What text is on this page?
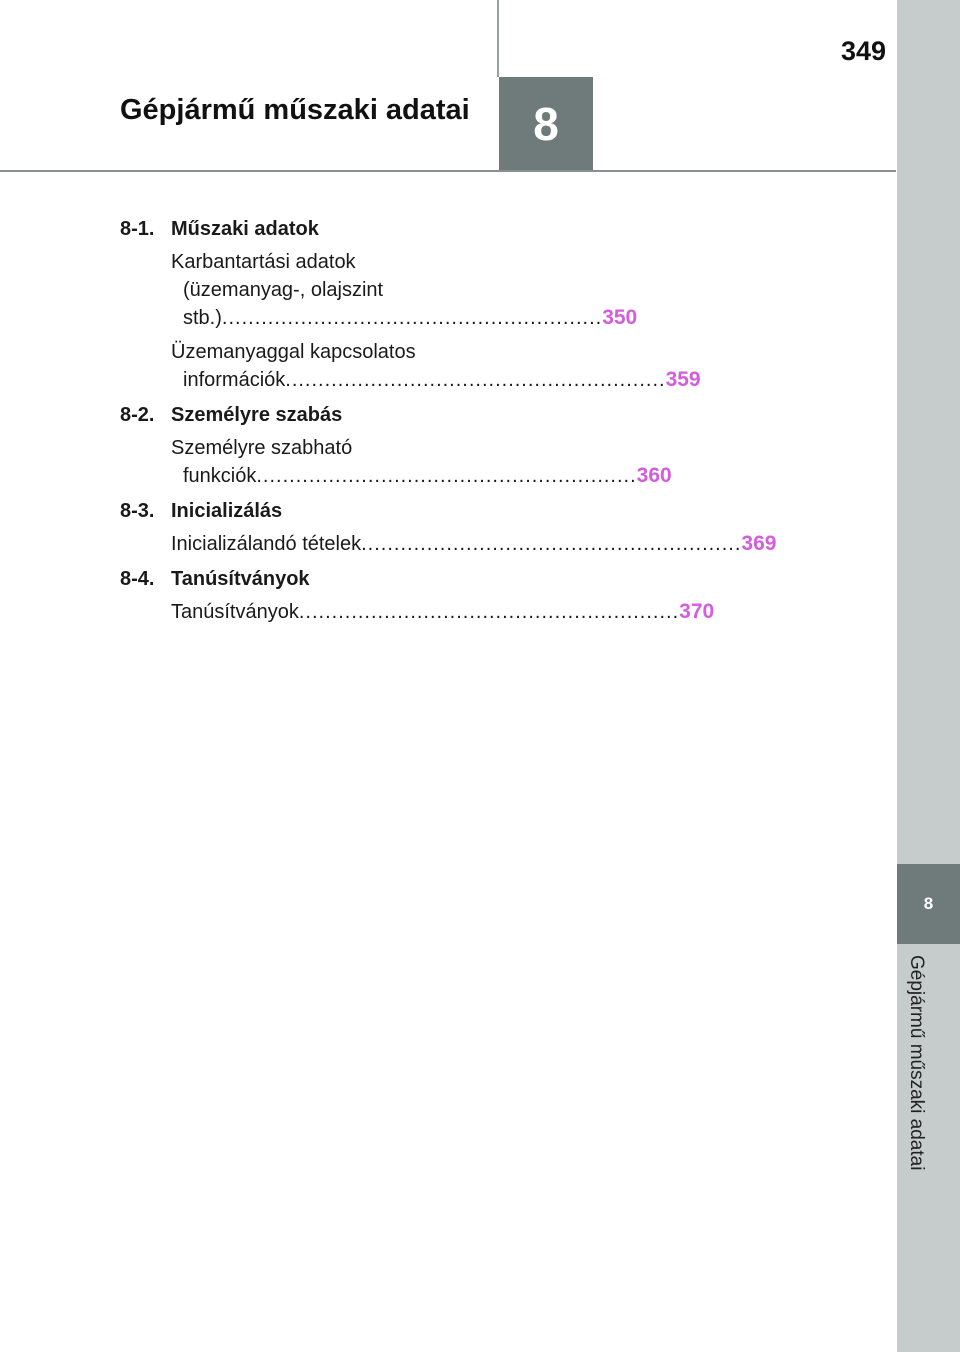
8
Gépjármű műszaki adatai
349
Gépjármű műszaki adatai	8
8-1. Műszaki adatok
Karbantartási adatok
(üzemanyag-, olajszint
stb.) .......................................................... 350
Üzemanyaggal kapcsolatos
információk .......................................................... 359
8-2. Személyre szabás
Személyre szabható
funkciók .......................................................... 360
8-3. Inicializálás
Inicializálandó tételek .......................................................... 369
8-4. Tanúsítványok
Tanúsítványok .......................................................... 370
